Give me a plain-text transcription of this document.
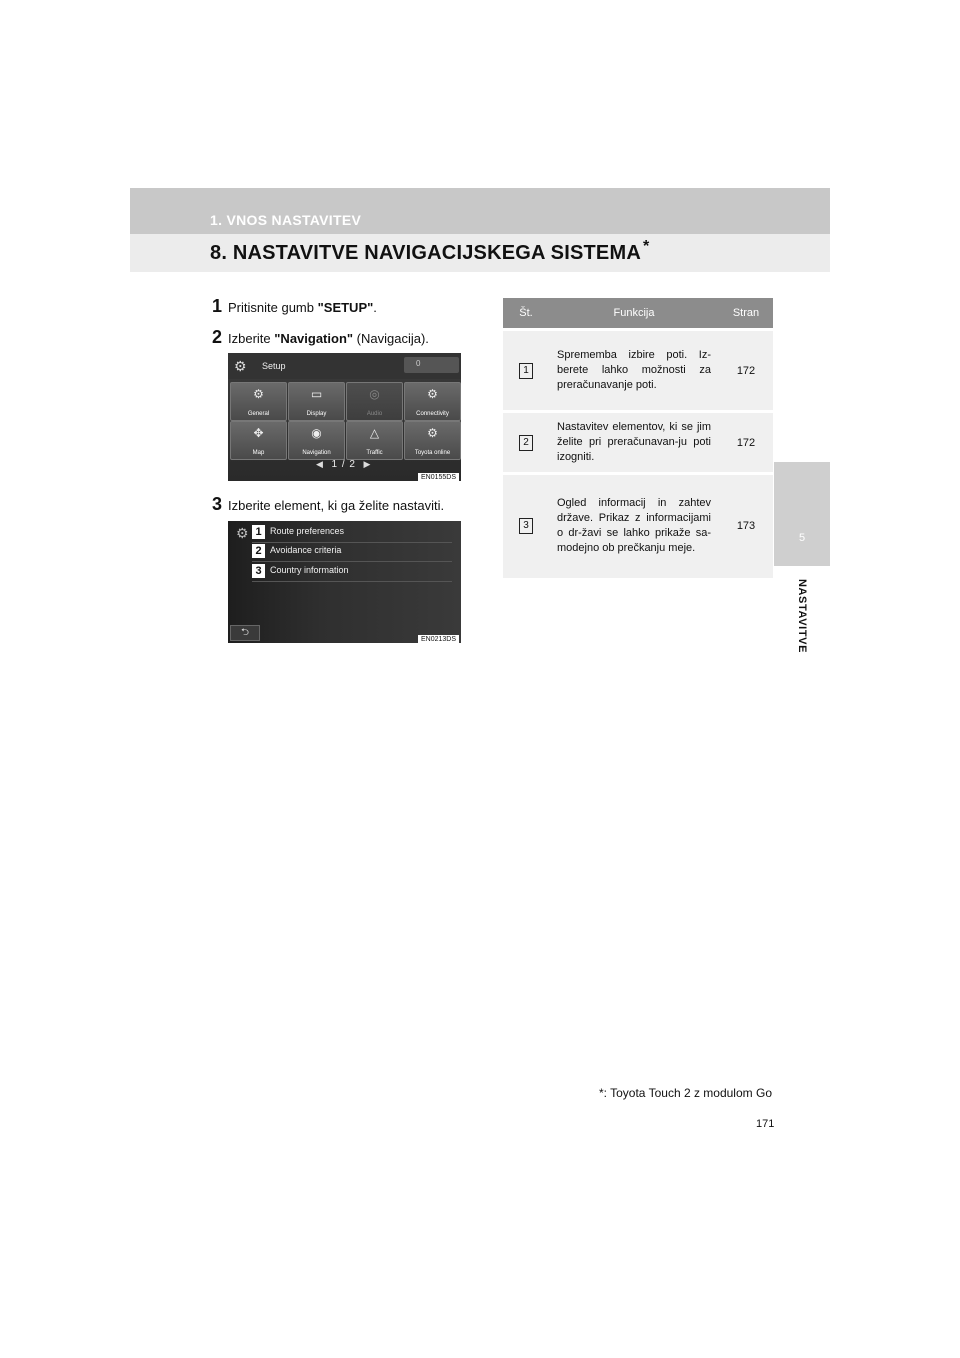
1. VNOS NASTAVITEV
8. NASTAVITVE NAVIGACIJSKEGA SISTEMA *
5
NASTAVITVE
1 Pritisnite gumb "SETUP".
2 Izberite "Navigation" (Navigacija).
3 Izberite element, ki ga želite nastaviti.
⚙ Setup	0
⚙
General
▭
Display
◎
Audio
⚙
Connectivity
✥
Map
◉
Navigation
△
Traffic
⚙
Toyota online
◀ 1 / 2 ▶
EN0155DS
⚙ 1 Route preferences
2 Avoidance criteria
3 Country information
⮌
EN0213DS
Št.	Funkcija	Stran
1	Sprememba izbire poti. Iz-berete lahko možnosti za preračunavanje poti.	172
2	Nastavitev elementov, ki se jim želite pri preračunavan-ju poti izogniti.	172
3	Ogled informacij in zahtev države. Prikaz z informacijami o dr-žavi se lahko prikaže sa-modejno ob prečkanju meje.	173
*: Toyota Touch 2 z modulom Go
171
